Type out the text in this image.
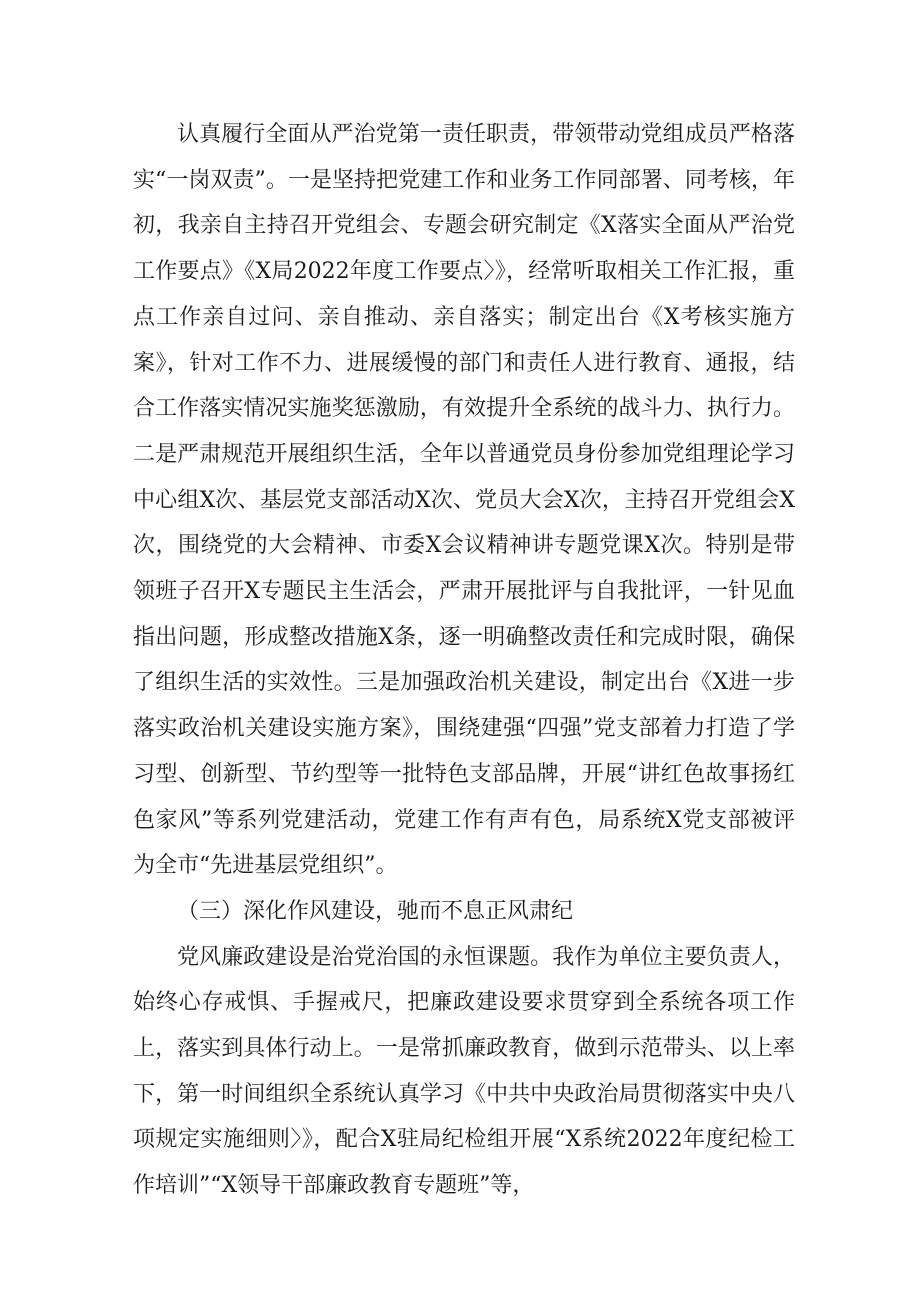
认真履行全面从严治党第一责任职责，带领带动党组成员严格落实“一岗双责”。一是坚持把党建工作和业务工作同部署、同考核，年初，我亲自主持召开党组会、专题会研究制定《X落实全面从严治党工作要点》《X局2022年度工作要点〉》，经常听取相关工作汇报，重点工作亲自过问、亲自推动、亲自落实；制定出台《X考核实施方案》，针对工作不力、进展缓慢的部门和责任人进行教育、通报，结合工作落实情况实施奖惩激励，有效提升全系统的战斗力、执行力。二是严肃规范开展组织生活，全年以普通党员身份参加党组理论学习中心组X次、基层党支部活动X次、党员大会X次，主持召开党组会X次，围绕党的大会精神、市委X会议精神讲专题党课X次。特别是带领班子召开X专题民主生活会，严肃开展批评与自我批评，一针见血指出问题，形成整改措施X条，逐一明确整改责任和完成时限，确保了组织生活的实效性。三是加强政治机关建设，制定出台《X进一步落实政治机关建设实施方案》，围绕建强“四强”党支部着力打造了学习型、创新型、节约型等一批特色支部品牌，开展“讲红色故事扬红色家风”等系列党建活动，党建工作有声有色，局系统X党支部被评为全市“先进基层党组织”。

（三）深化作风建设，驰而不息正风肃纪

党风廉政建设是治党治国的永恒课题。我作为单位主要负责人，始终心存戒惧、手握戒尺，把廉政建设要求贯穿到全系统各项工作上，落实到具体行动上。一是常抓廉政教育，做到示范带头、以上率下，第一时间组织全系统认真学习《中共中央政治局贯彻落实中央八项规定实施细则〉》，配合X驻局纪检组开展“X系统2022年度纪检工作培训”“X领导干部廉政教育专题班”等，
